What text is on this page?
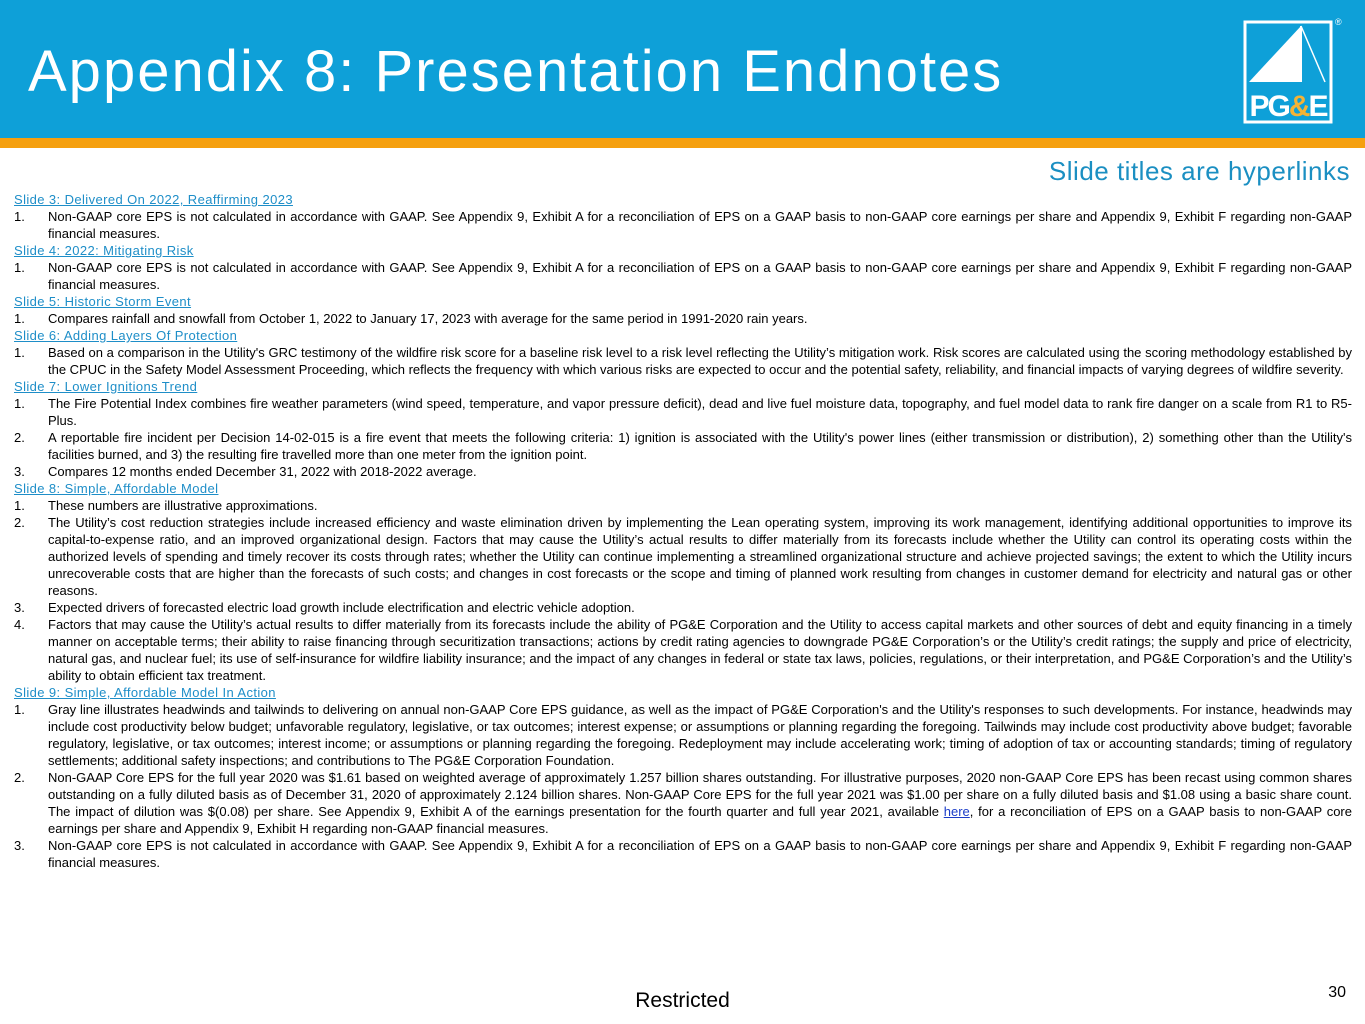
Appendix 8: Presentation Endnotes
PG&E
®
Slide titles are hyperlinks
Slide 3: Delivered On 2022, Reaffirming 2023
1. Non-GAAP core EPS is not calculated in accordance with GAAP. See Appendix 9, Exhibit A for a reconciliation of EPS on a GAAP basis to non-GAAP core earnings per share and Appendix 9, Exhibit F regarding non-GAAP financial measures.
Slide 4: 2022: Mitigating Risk
1. Non-GAAP core EPS is not calculated in accordance with GAAP. See Appendix 9, Exhibit A for a reconciliation of EPS on a GAAP basis to non-GAAP core earnings per share and Appendix 9, Exhibit F regarding non-GAAP financial measures.
Slide 5: Historic Storm Event
1. Compares rainfall and snowfall from October 1, 2022 to January 17, 2023 with average for the same period in 1991-2020 rain years.
Slide 6: Adding Layers Of Protection
1. Based on a comparison in the Utility's GRC testimony of the wildfire risk score for a baseline risk level to a risk level reflecting the Utility’s mitigation work. Risk scores are calculated using the scoring methodology established by the CPUC in the Safety Model Assessment Proceeding, which reflects the frequency with which various risks are expected to occur and the potential safety, reliability, and financial impacts of varying degrees of wildfire severity.
Slide 7: Lower Ignitions Trend
1. The Fire Potential Index combines fire weather parameters (wind speed, temperature, and vapor pressure deficit), dead and live fuel moisture data, topography, and fuel model data to rank fire danger on a scale from R1 to R5-Plus.
2. A reportable fire incident per Decision 14-02-015 is a fire event that meets the following criteria: 1) ignition is associated with the Utility's power lines (either transmission or distribution), 2) something other than the Utility's facilities burned, and 3) the resulting fire travelled more than one meter from the ignition point.
3. Compares 12 months ended December 31, 2022 with 2018-2022 average.
Slide 8: Simple, Affordable Model
1. These numbers are illustrative approximations.
2. The Utility’s cost reduction strategies include increased efficiency and waste elimination driven by implementing the Lean operating system, improving its work management, identifying additional opportunities to improve its capital-to-expense ratio, and an improved organizational design. Factors that may cause the Utility’s actual results to differ materially from its forecasts include whether the Utility can control its operating costs within the authorized levels of spending and timely recover its costs through rates; whether the Utility can continue implementing a streamlined organizational structure and achieve projected savings; the extent to which the Utility incurs unrecoverable costs that are higher than the forecasts of such costs; and changes in cost forecasts or the scope and timing of planned work resulting from changes in customer demand for electricity and natural gas or other reasons.
3. Expected drivers of forecasted electric load growth include electrification and electric vehicle adoption.
4. Factors that may cause the Utility’s actual results to differ materially from its forecasts include the ability of PG&E Corporation and the Utility to access capital markets and other sources of debt and equity financing in a timely manner on acceptable terms; their ability to raise financing through securitization transactions; actions by credit rating agencies to downgrade PG&E Corporation’s or the Utility’s credit ratings; the supply and price of electricity, natural gas, and nuclear fuel; its use of self-insurance for wildfire liability insurance; and the impact of any changes in federal or state tax laws, policies, regulations, or their interpretation, and PG&E Corporation’s and the Utility’s ability to obtain efficient tax treatment.
Slide 9: Simple, Affordable Model In Action
1. Gray line illustrates headwinds and tailwinds to delivering on annual non-GAAP Core EPS guidance, as well as the impact of PG&E Corporation's and the Utility's responses to such developments. For instance, headwinds may include cost productivity below budget; unfavorable regulatory, legislative, or tax outcomes; interest expense; or assumptions or planning regarding the foregoing. Tailwinds may include cost productivity above budget; favorable regulatory, legislative, or tax outcomes; interest income; or assumptions or planning regarding the foregoing. Redeployment may include accelerating work; timing of adoption of tax or accounting standards; timing of regulatory settlements; additional safety inspections; and contributions to The PG&E Corporation Foundation.
2. Non-GAAP Core EPS for the full year 2020 was $1.61 based on weighted average of approximately 1.257 billion shares outstanding. For illustrative purposes, 2020 non-GAAP Core EPS has been recast using common shares outstanding on a fully diluted basis as of December 31, 2020 of approximately 2.124 billion shares. Non-GAAP Core EPS for the full year 2021 was $1.00 per share on a fully diluted basis and $1.08 using a basic share count. The impact of dilution was $(0.08) per share. See Appendix 9, Exhibit A of the earnings presentation for the fourth quarter and full year 2021, available here, for a reconciliation of EPS on a GAAP basis to non-GAAP core earnings per share and Appendix 9, Exhibit H regarding non-GAAP financial measures.
3. Non-GAAP core EPS is not calculated in accordance with GAAP. See Appendix 9, Exhibit A for a reconciliation of EPS on a GAAP basis to non-GAAP core earnings per share and Appendix 9, Exhibit F regarding non-GAAP financial measures.
Restricted	30
